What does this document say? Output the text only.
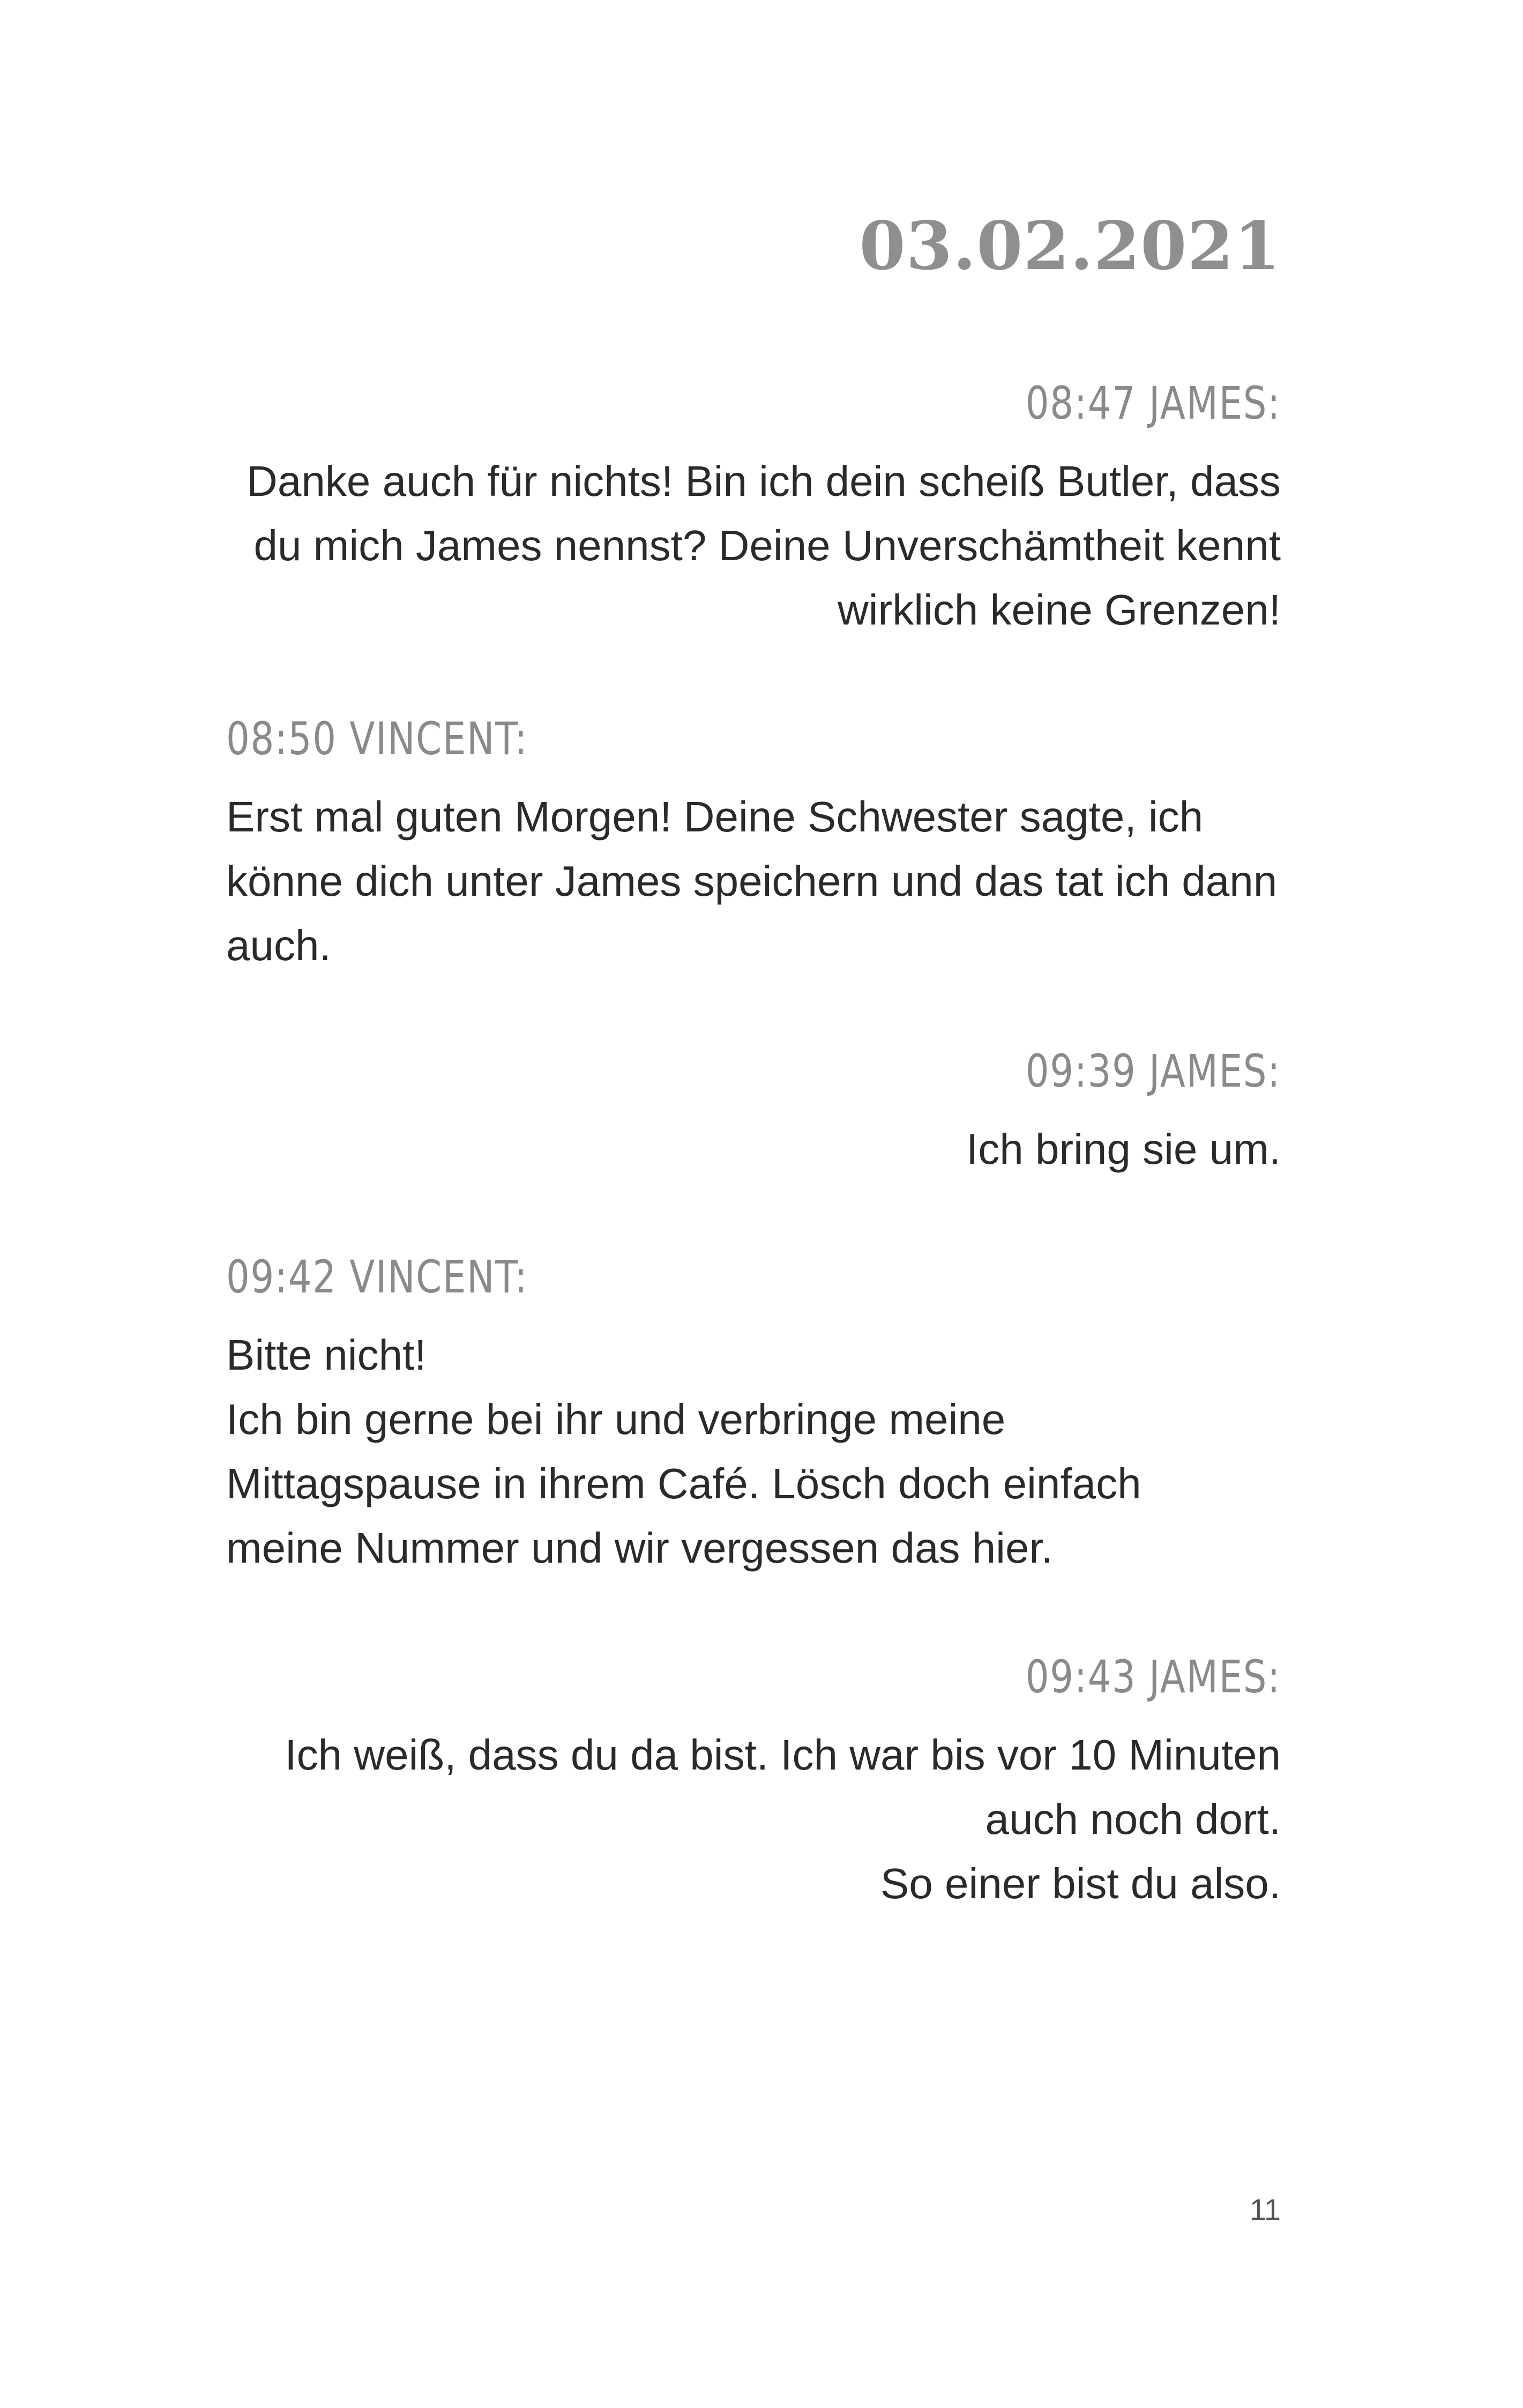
03.02.2021
08:47 JAMES:
Danke auch für nichts! Bin ich dein scheiß Butler, dass
du mich James nennst? Deine Unverschämtheit kennt
wirklich keine Grenzen!
08:50 VINCENT:
Erst mal guten Morgen! Deine Schwester sagte, ich
könne dich unter James speichern und das tat ich dann
auch.
09:39 JAMES:
Ich bring sie um.
09:42 VINCENT:
Bitte nicht!
Ich bin gerne bei ihr und verbringe meine
Mittagspause in ihrem Café. Lösch doch einfach
meine Nummer und wir vergessen das hier.
09:43 JAMES:
Ich weiß, dass du da bist. Ich war bis vor 10 Minuten
auch noch dort.
So einer bist du also.
11
